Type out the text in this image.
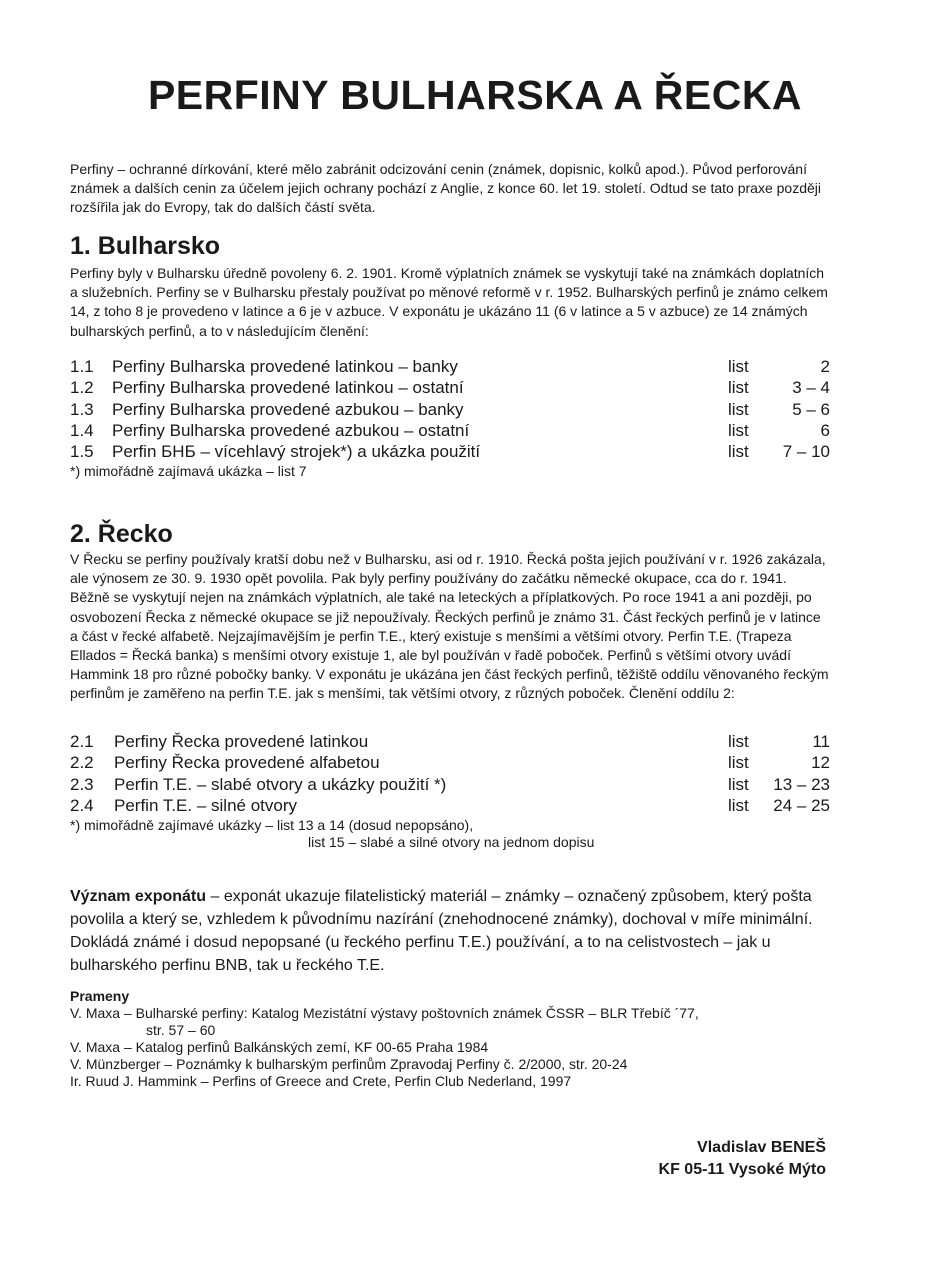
PERFINY BULHARSKA A ŘECKA
Perfiny – ochranné dírkování, které mělo zabránit odcizování cenin (známek, dopisnic, kolků apod.). Původ perforování známek a dalších cenin za účelem jejich ochrany pochází z Anglie, z konce 60. let 19. století. Odtud se tato praxe později rozšířila jak do Evropy, tak do dalších částí světa.
1. Bulharsko
Perfiny byly v Bulharsku úředně povoleny 6. 2. 1901. Kromě výplatních známek se vyskytují také na známkách doplatních a služebních. Perfiny se v Bulharsku přestaly používat po měnové reformě v r. 1952. Bulharských perfinů je známo celkem 14, z toho 8 je provedeno v latince a 6 je v azbuce. V exponátu je ukázáno 11 (6 v latince a 5 v azbuce) ze 14 známých bulharských perfinů, a to v následujícím členění:
1.1 Perfiny Bulharska provedené latinkou – banky	list	2
1.2 Perfiny Bulharska provedené latinkou – ostatní	list	3 – 4
1.3 Perfiny Bulharska provedené azbukou – banky	list	5 – 6
1.4 Perfiny Bulharska provedené azbukou – ostatní	list	6
1.5 Perfin БНБ – vícehlavý strojek*) a ukázka použití	list 7 – 10
*) mimořádně zajímavá ukázka – list 7
2. Řecko
V Řecku se perfiny používaly kratší dobu než v Bulharsku, asi od r. 1910. Řecká pošta jejich používání v r. 1926 zakázala, ale výnosem ze 30. 9. 1930 opět povolila. Pak byly perfiny používány do začátku německé okupace, cca do r. 1941. Běžně se vyskytují nejen na známkách výplatních, ale také na leteckých a příplatkových. Po roce 1941 a ani později, po osvobození Řecka z německé okupace se již nepoužívaly. Řeckých perfinů je známo 31. Část řeckých perfinů je v latince a část v řecké alfabetě. Nejzajímavějším je perfin T.E., který existuje s menšími a většími otvory. Perfin T.E. (Trapeza Ellados = Řecká banka) s menšími otvory existuje 1, ale byl používán v řadě poboček. Perfinů s většími otvory uvádí Hammink 18 pro různé pobočky banky. V exponátu je ukázána jen část řeckých perfinů, těžiště oddílu věnovaného řeckým perfinům je zaměřeno na perfin T.E. jak s menšími, tak většími otvory, z různých poboček. Členění oddílu 2:
2.1 Perfiny Řecka provedené latinkou	list	11
2.2 Perfiny Řecka provedené alfabetou	list	12
2.3 Perfin T.E. – slabé otvory a ukázky použití *)	list 13 – 23
2.4 Perfin T.E. – silné otvory	list 24 – 25
*) mimořádně zajímavé ukázky – list 13 a 14 (dosud nepopsáno),
list 15 – slabé a silné otvory na jednom dopisu
Význam exponátu – exponát ukazuje filatelistický materiál – známky – označený způsobem, který pošta povolila a který se, vzhledem k původnímu nazírání (znehodnocené známky), dochoval v míře minimální. Dokládá známé i dosud nepopsané (u řeckého perfinu T.E.) používání, a to na celistvostech – jak u bulharského perfinu BNB, tak u řeckého T.E.
Prameny
V. Maxa – Bulharské perfiny: Katalog Mezistátní výstavy poštovních známek ČSSR – BLR Třebíč ´77,
str. 57 – 60
V. Maxa – Katalog perfinů Balkánských zemí, KF 00-65 Praha 1984
V. Münzberger – Poznámky k bulharským perfinům Zpravodaj Perfiny č. 2/2000, str. 20-24
Ir. Ruud J. Hammink – Perfins of Greece and Crete, Perfin Club Nederland, 1997
Vladislav BENEŠ
KF 05-11 Vysoké Mýto
